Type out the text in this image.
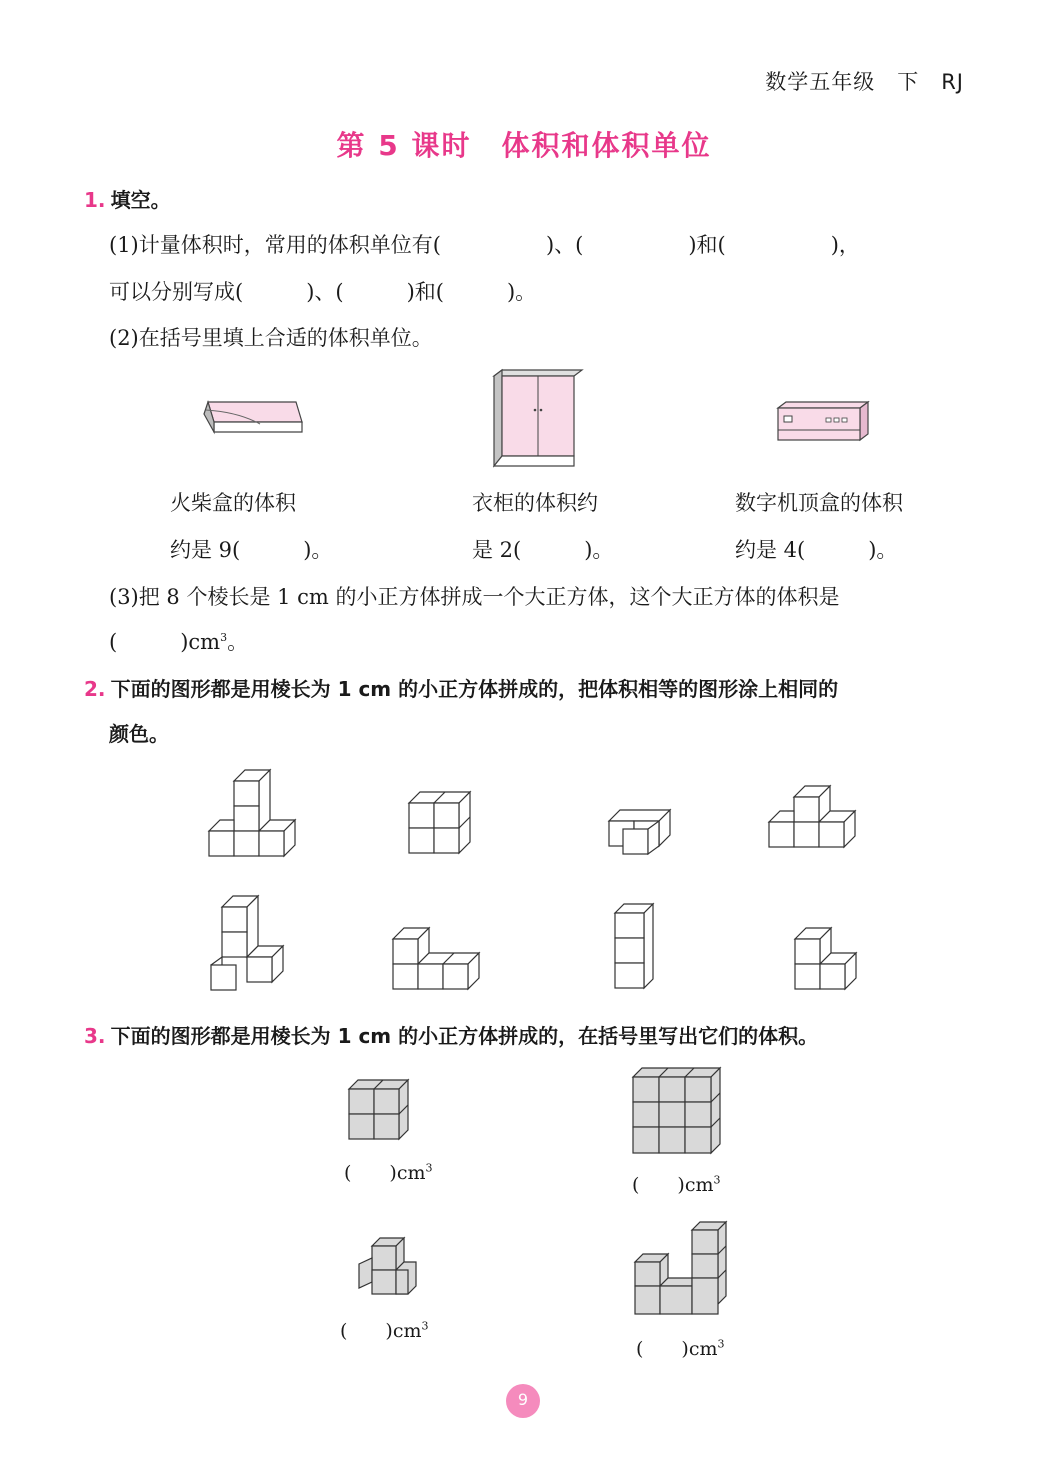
数学五年级　下　RJ
第 5 课时　体积和体积单位
1. 填空。
(1)计量体积时，常用的体积单位有(　　　　　)、(　　　　　)和(　　　　　)，
可以分别写成(　　　)、(　　　)和(　　　)。
(2)在括号里填上合适的体积单位。
火柴盒的体积
约是 9(　　　)。
衣柜的体积约
是 2(　　　)。
数字机顶盒的体积
约是 4(　　　)。
(3)把 8 个棱长是 1 cm 的小正方体拼成一个大正方体，这个大正方体的体积是
(　　　)$cm^3$。
2. 下面的图形都是用棱长为 1 cm 的小正方体拼成的，把体积相等的图形涂上相同的
颜色。
3. 下面的图形都是用棱长为 1 cm 的小正方体拼成的，在括号里写出它们的体积。
(　　)$cm^3$
(　　)$cm^3$
(　　)$cm^3$
(　　)$cm^3$
9
